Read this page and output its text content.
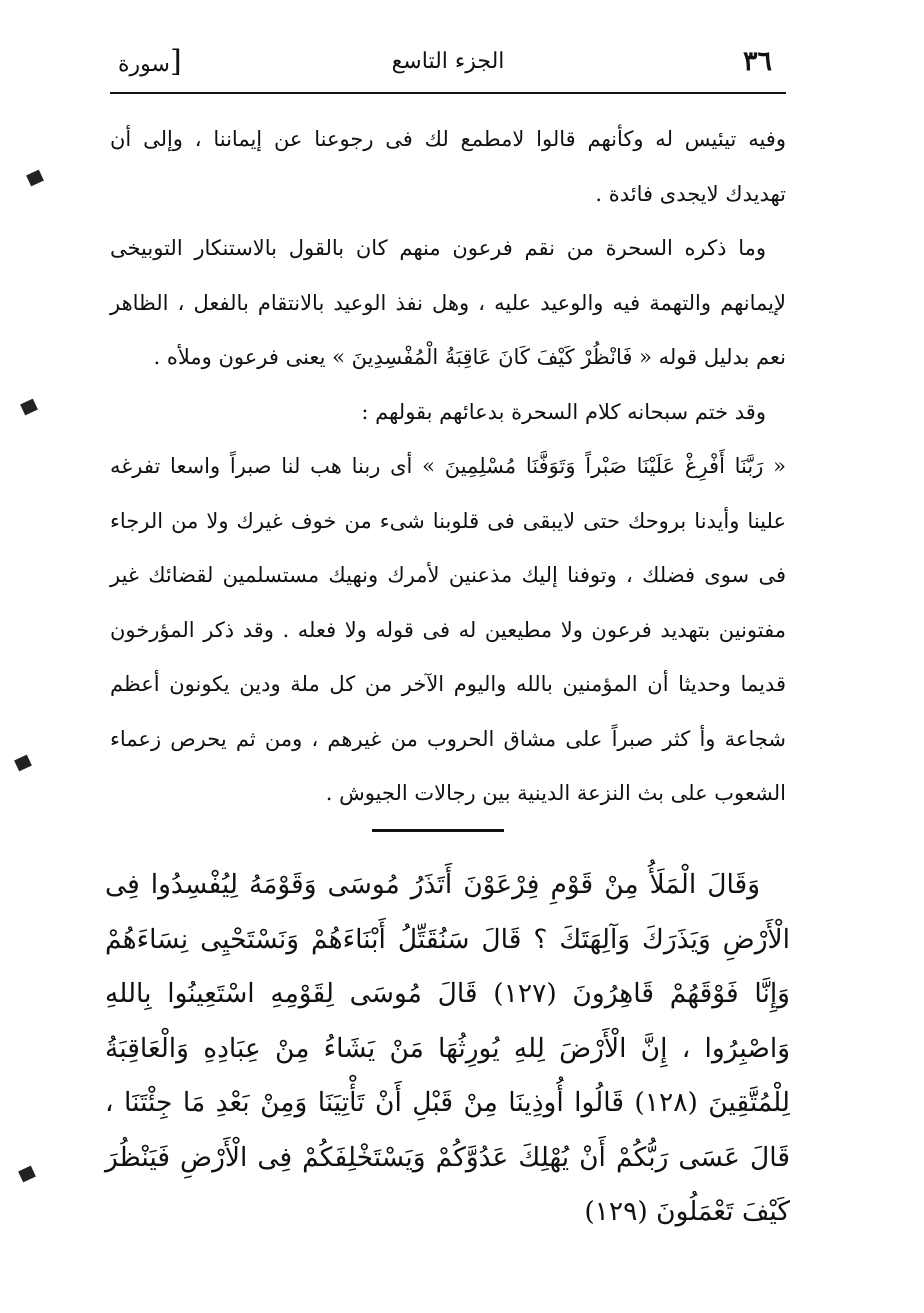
٣٦
الجزء التاسع
[سورة

وفيه تيئيس له وكأنهم قالوا لامطمع لك فى رجوعنا عن إيماننا ، وإلى أن تهديدك لايجدى فائدة .

وما ذكره السحرة من نقم فرعون منهم كان بالقول بالاستنكار التوبيخى لإيمانهم والتهمة فيه والوعيد عليه ، وهل نفذ الوعيد بالانتقام بالفعل ، الظاهر نعم بدليل قوله « فَانْظُرْ كَيْفَ كَانَ عَاقِبَةُ الْمُفْسِدِينَ » يعنى فرعون وملأه .

وقد ختم سبحانه كلام السحرة بدعائهم بقولهم :

« رَبَّنَا أَفْرِغْ عَلَيْنَا صَبْراً وَتَوَفَّنَا مُسْلِمِينَ » أى ربنا هب لنا صبراً واسعا تفرغه علينا وأيدنا بروحك حتى لايبقى فى قلوبنا شىء من خوف غيرك ولا من الرجاء فى سوى فضلك ، وتوفنا إليك مذعنين لأمرك ونهيك مستسلمين لقضائك غير مفتونين بتهديد فرعون ولا مطيعين له فى قوله ولا فعله . وقد ذكر المؤرخون قديما وحديثا أن المؤمنين بالله واليوم الآخر من كل ملة ودين يكونون أعظم شجاعة وأ كثر صبراً على مشاق الحروب من غيرهم ، ومن ثم يحرص زعماء الشعوب على بث النزعة الدينية بين رجالات الجيوش .

وَقَالَ الْمَلَأُ مِنْ قَوْمِ فِرْعَوْنَ أَتَذَرُ مُوسَى وَقَوْمَهُ لِيُفْسِدُوا فِى الْأَرْضِ وَيَذَرَكَ وَآلِهَتَكَ ؟ قَالَ سَنُقَتِّلُ أَبْنَاءَهُمْ وَنَسْتَحْيِى نِسَاءَهُمْ وَإِنَّا فَوْقَهُمْ قَاهِرُونَ (١٢٧) قَالَ مُوسَى لِقَوْمِهِ اسْتَعِينُوا بِاللهِ وَاصْبِرُوا ، إِنَّ الْأَرْضَ لِلهِ يُورِثُهَا مَنْ يَشَاءُ مِنْ عِبَادِهِ وَالْعَاقِبَةُ لِلْمُتَّقِينَ (١٢٨) قَالُوا أُوذِينَا مِنْ قَبْلِ أَنْ تَأْتِيَنَا وَمِنْ بَعْدِ مَا جِئْتَنَا ، قَالَ عَسَى رَبُّكُمْ أَنْ يُهْلِكَ عَدُوَّكُمْ وَيَسْتَخْلِفَكُمْ فِى الْأَرْضِ فَيَنْظُرَ كَيْفَ تَعْمَلُونَ (١٢٩)
